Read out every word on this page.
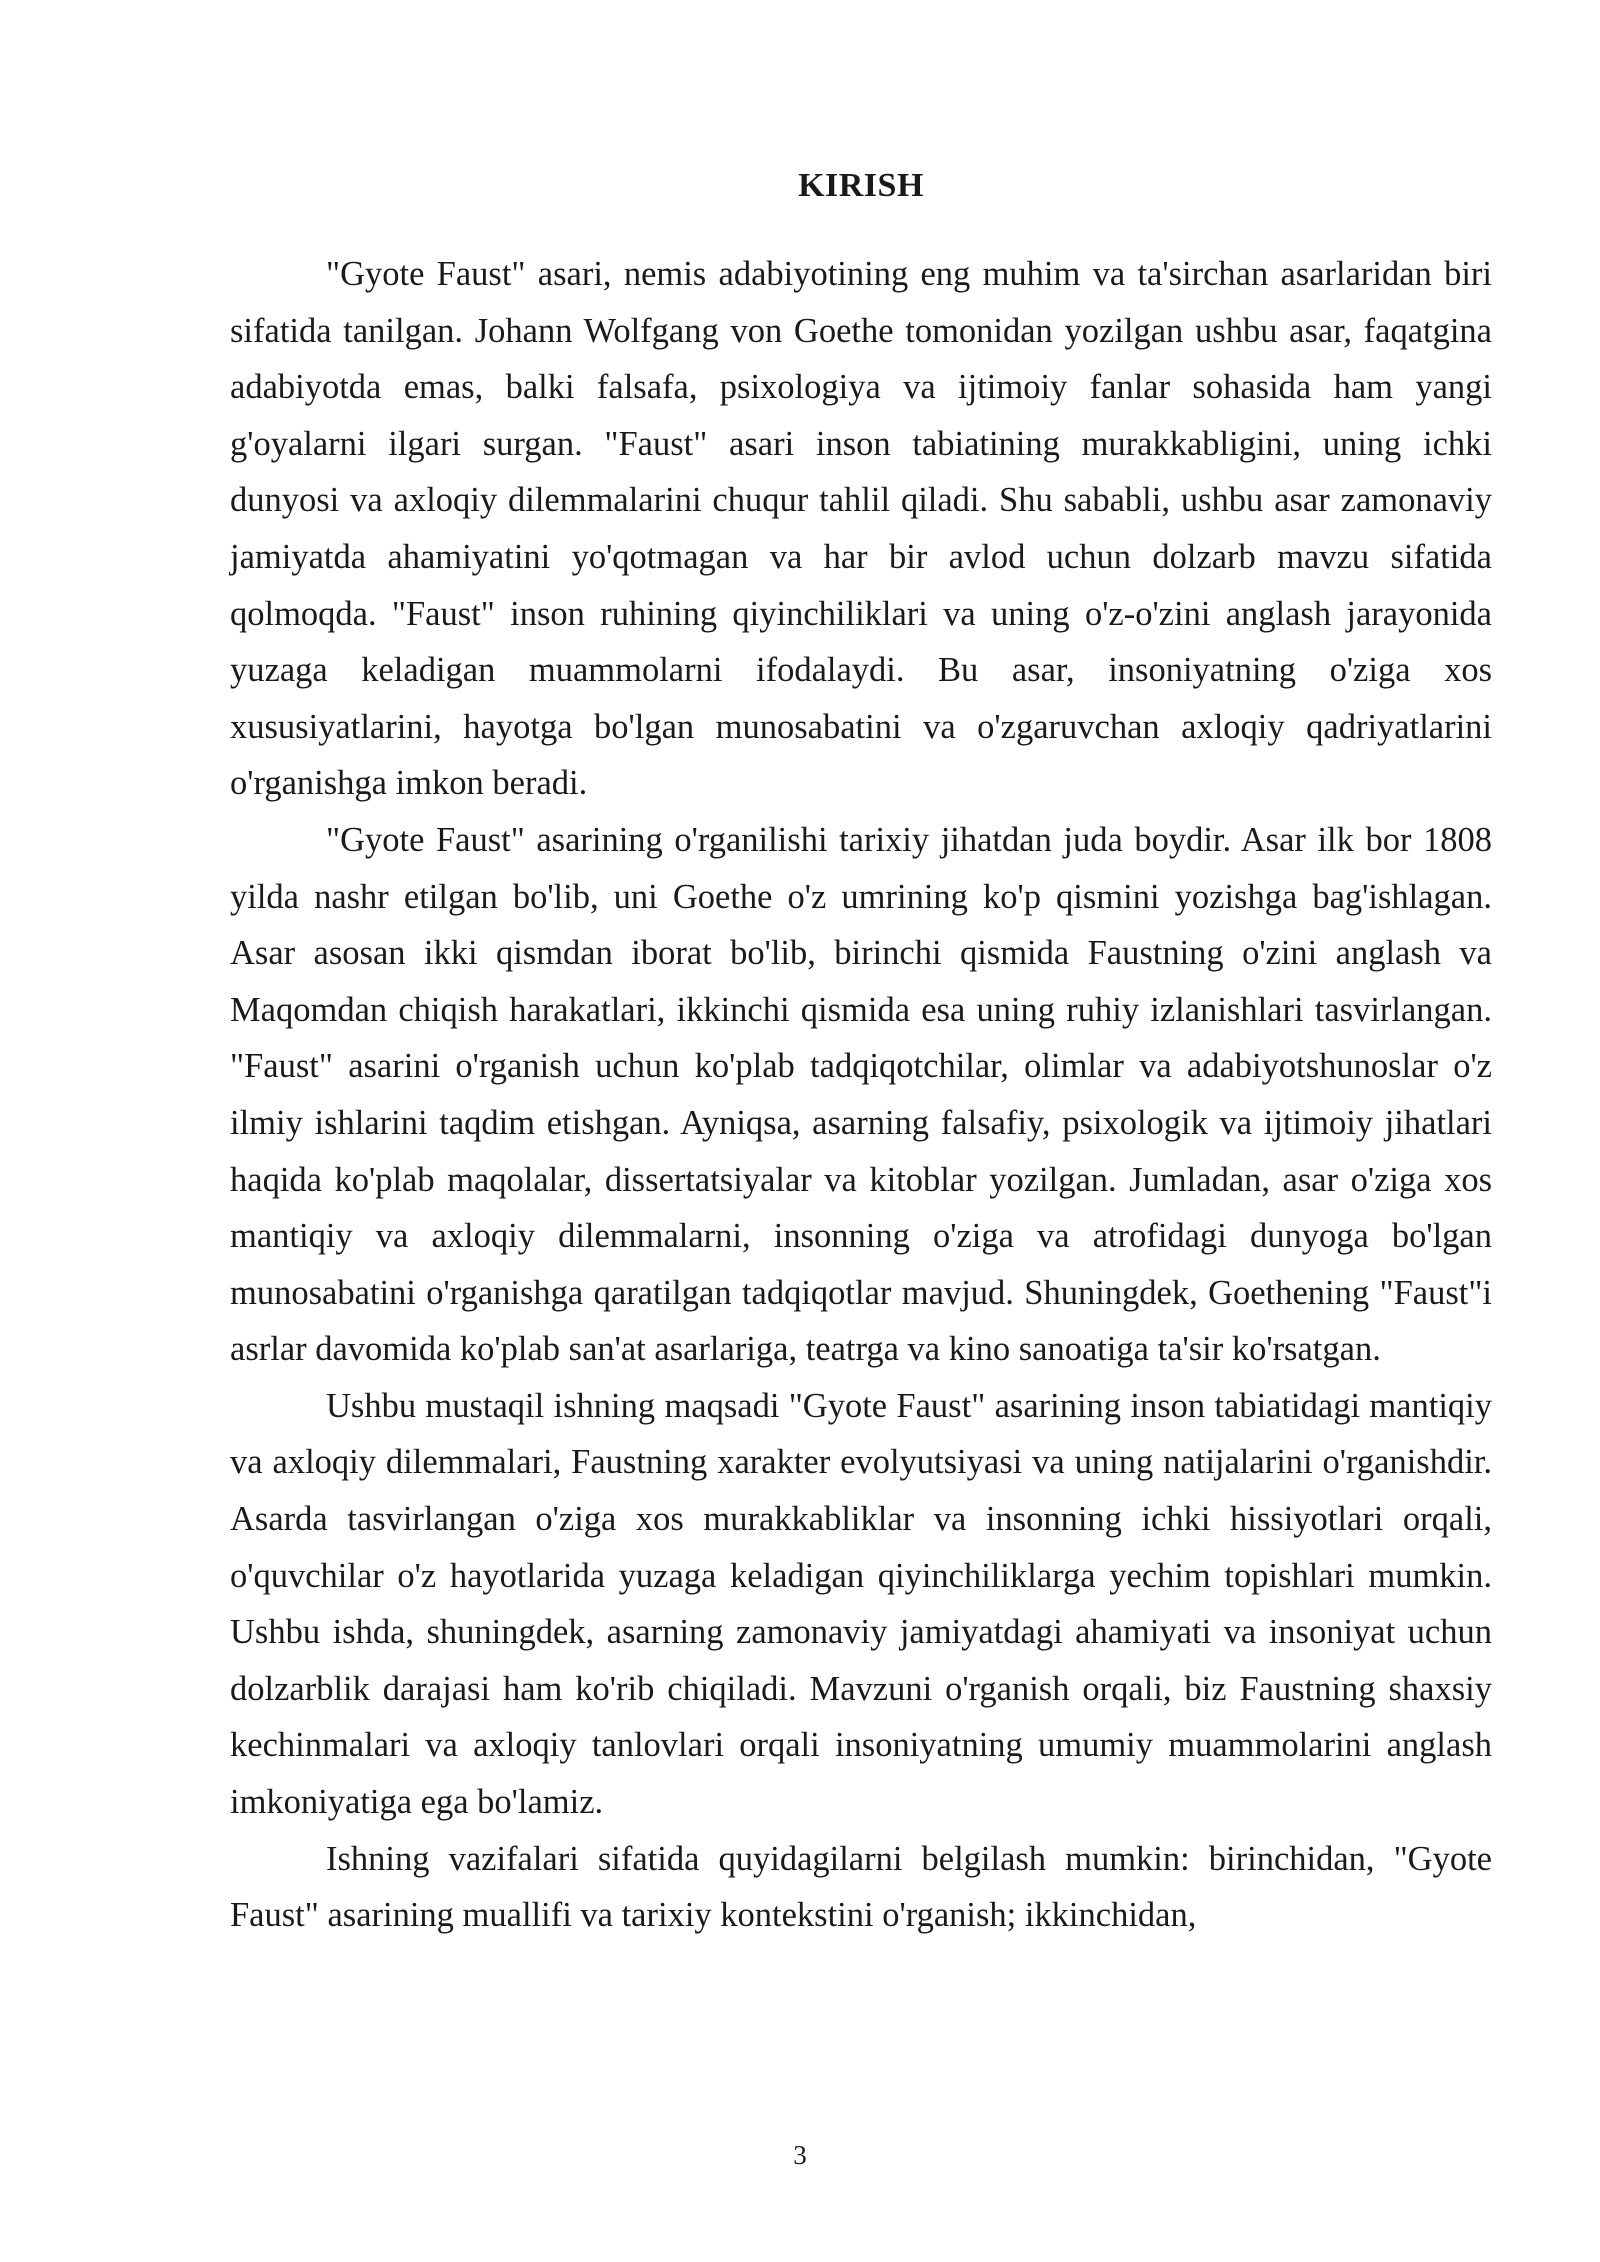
KIRISH

"Gyote Faust" asari, nemis adabiyotining eng muhim va ta'sirchan asarlaridan biri sifatida tanilgan. Johann Wolfgang von Goethe tomonidan yozilgan ushbu asar, faqatgina adabiyotda emas, balki falsafa, psixologiya va ijtimoiy fanlar sohasida ham yangi g'oyalarni ilgari surgan. "Faust" asari inson tabiatining murakkabligini, uning ichki dunyosi va axloqiy dilemmalarini chuqur tahlil qiladi. Shu sababli, ushbu asar zamonaviy jamiyatda ahamiyatini yo'qotmagan va har bir avlod uchun dolzarb mavzu sifatida qolmoqda. "Faust" inson ruhining qiyinchiliklari va uning o'z-o'zini anglash jarayonida yuzaga keladigan muammolarni ifodalaydi. Bu asar, insoniyatning o'ziga xos xususiyatlarini, hayotga bo'lgan munosabatini va o'zgaruvchan axloqiy qadriyatlarini o'rganishga imkon beradi.

"Gyote Faust" asarining o'rganilishi tarixiy jihatdan juda boydir. Asar ilk bor 1808 yilda nashr etilgan bo'lib, uni Goethe o'z umrining ko'p qismini yozishga bag'ishlagan. Asar asosan ikki qismdan iborat bo'lib, birinchi qismida Faustning o'zini anglash va Maqomdan chiqish harakatlari, ikkinchi qismida esa uning ruhiy izlanishlari tasvirlangan. "Faust" asarini o'rganish uchun ko'plab tadqiqotchilar, olimlar va adabiyotshunoslar o'z ilmiy ishlarini taqdim etishgan. Ayniqsa, asarning falsafiy, psixologik va ijtimoiy jihatlari haqida ko'plab maqolalar, dissertatsiyalar va kitoblar yozilgan. Jumladan, asar o'ziga xos mantiqiy va axloqiy dilemmalarni, insonning o'ziga va atrofidagi dunyoga bo'lgan munosabatini o'rganishga qaratilgan tadqiqotlar mavjud. Shuningdek, Goethening "Faust"i asrlar davomida ko'plab san'at asarlariga, teatrga va kino sanoatiga ta'sir ko'rsatgan.

Ushbu mustaqil ishning maqsadi "Gyote Faust" asarining inson tabiatidagi mantiqiy va axloqiy dilemmalari, Faustning xarakter evolyutsiyasi va uning natijalarini o'rganishdir. Asarda tasvirlangan o'ziga xos murakkabliklar va insonning ichki hissiyotlari orqali, o'quvchilar o'z hayotlarida yuzaga keladigan qiyinchiliklarga yechim topishlari mumkin. Ushbu ishda, shuningdek, asarning zamonaviy jamiyatdagi ahamiyati va insoniyat uchun dolzarblik darajasi ham ko'rib chiqiladi. Mavzuni o'rganish orqali, biz Faustning shaxsiy kechinmalari va axloqiy tanlovlari orqali insoniyatning umumiy muammolarini anglash imkoniyatiga ega bo'lamiz.

Ishning vazifalari sifatida quyidagilarni belgilash mumkin: birinchidan, "Gyote Faust" asarining muallifi va tarixiy kontekstini o'rganish; ikkinchidan,

3
